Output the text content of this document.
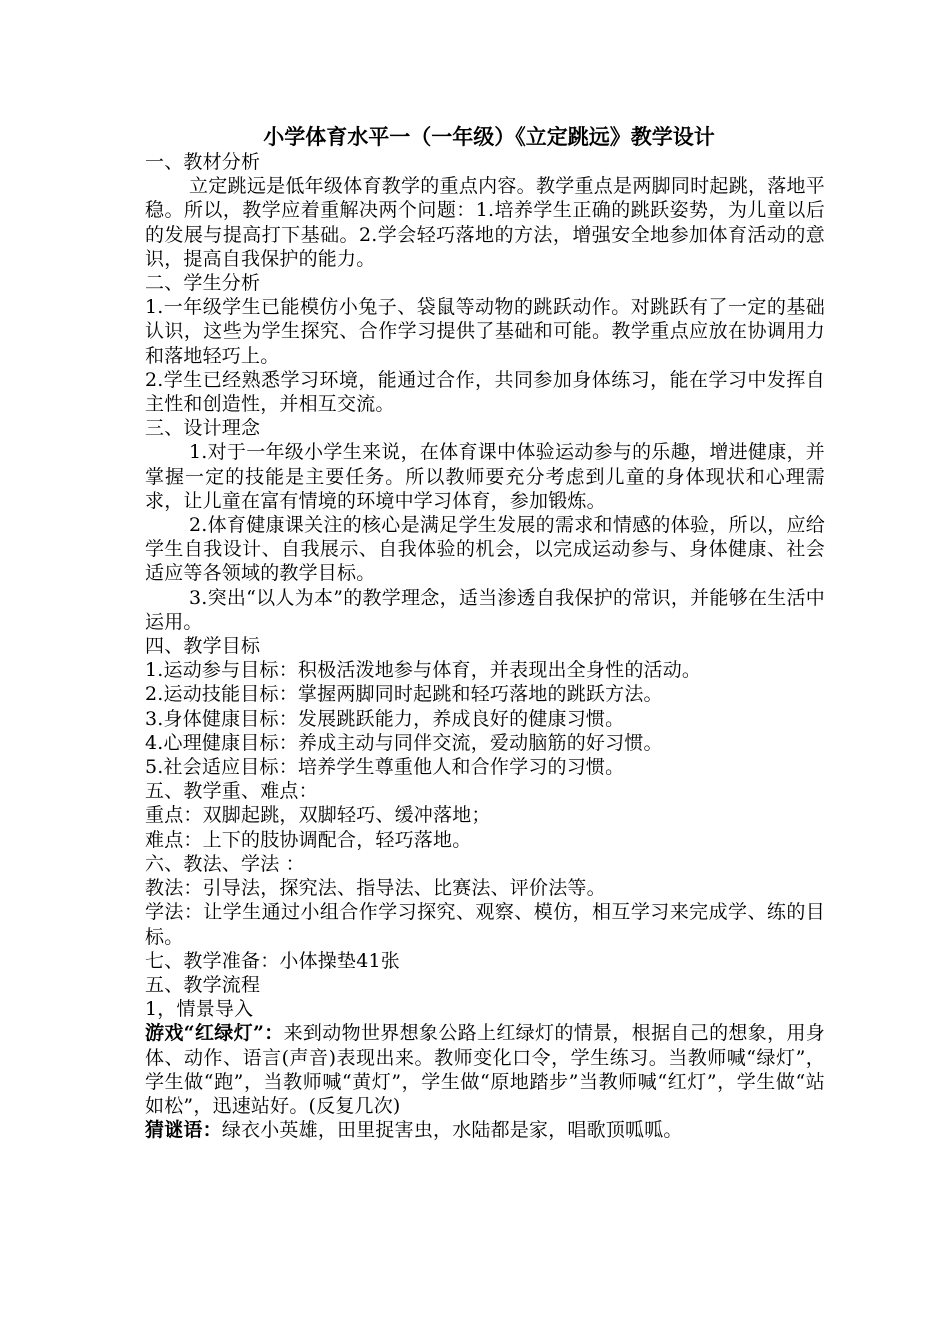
小学体育水平一（一年级）《立定跳远》教学设计

一、教材分析

立定跳远是低年级体育教学的重点内容。教学重点是两脚同时起跳，落地平稳。所以，教学应着重解决两个问题：1.培养学生正确的跳跃姿势，为儿童以后的发展与提高打下基础。2.学会轻巧落地的方法，增强安全地参加体育活动的意识，提高自我保护的能力。

二、学生分析

1.一年级学生已能模仿小兔子、袋鼠等动物的跳跃动作。对跳跃有了一定的基础认识，这些为学生探究、合作学习提供了基础和可能。教学重点应放在协调用力和落地轻巧上。

2.学生已经熟悉学习环境，能通过合作，共同参加身体练习，能在学习中发挥自主性和创造性，并相互交流。

三、设计理念

1.对于一年级小学生来说，在体育课中体验运动参与的乐趣，增进健康，并掌握一定的技能是主要任务。所以教师要充分考虑到儿童的身体现状和心理需求，让儿童在富有情境的环境中学习体育，参加锻炼。

2.体育健康课关注的核心是满足学生发展的需求和情感的体验，所以，应给学生自我设计、自我展示、自我体验的机会，以完成运动参与、身体健康、社会适应等各领域的教学目标。

3.突出“以人为本”的教学理念，适当渗透自我保护的常识，并能够在生活中运用。

四、教学目标

1.运动参与目标：积极活泼地参与体育，并表现出全身性的活动。

2.运动技能目标：掌握两脚同时起跳和轻巧落地的跳跃方法。

3.身体健康目标：发展跳跃能力，养成良好的健康习惯。

4.心理健康目标：养成主动与同伴交流，爱动脑筋的好习惯。

5.社会适应目标：培养学生尊重他人和合作学习的习惯。

五、教学重、难点：

重点：双脚起跳，双脚轻巧、缓冲落地；

难点：上下的肢协调配合，轻巧落地。

六、教法、学法 ：

教法：引导法，探究法、指导法、比赛法、评价法等。

学法：让学生通过小组合作学习探究、观察、模仿，相互学习来完成学、练的目标。

七、教学准备：小体操垫41张

五、教学流程

1，情景导入

游戏“红绿灯”：来到动物世界想象公路上红绿灯的情景，根据自己的想象，用身体、动作、语言(声音)表现出来。教师变化口令，学生练习。当教师喊“绿灯”，学生做“跑”，当教师喊“黄灯”，学生做“原地踏步”当教师喊“红灯”，学生做“站如松”，迅速站好。(反复几次)

猜谜语：绿衣小英雄，田里捉害虫，水陆都是家，唱歌顶呱呱。
